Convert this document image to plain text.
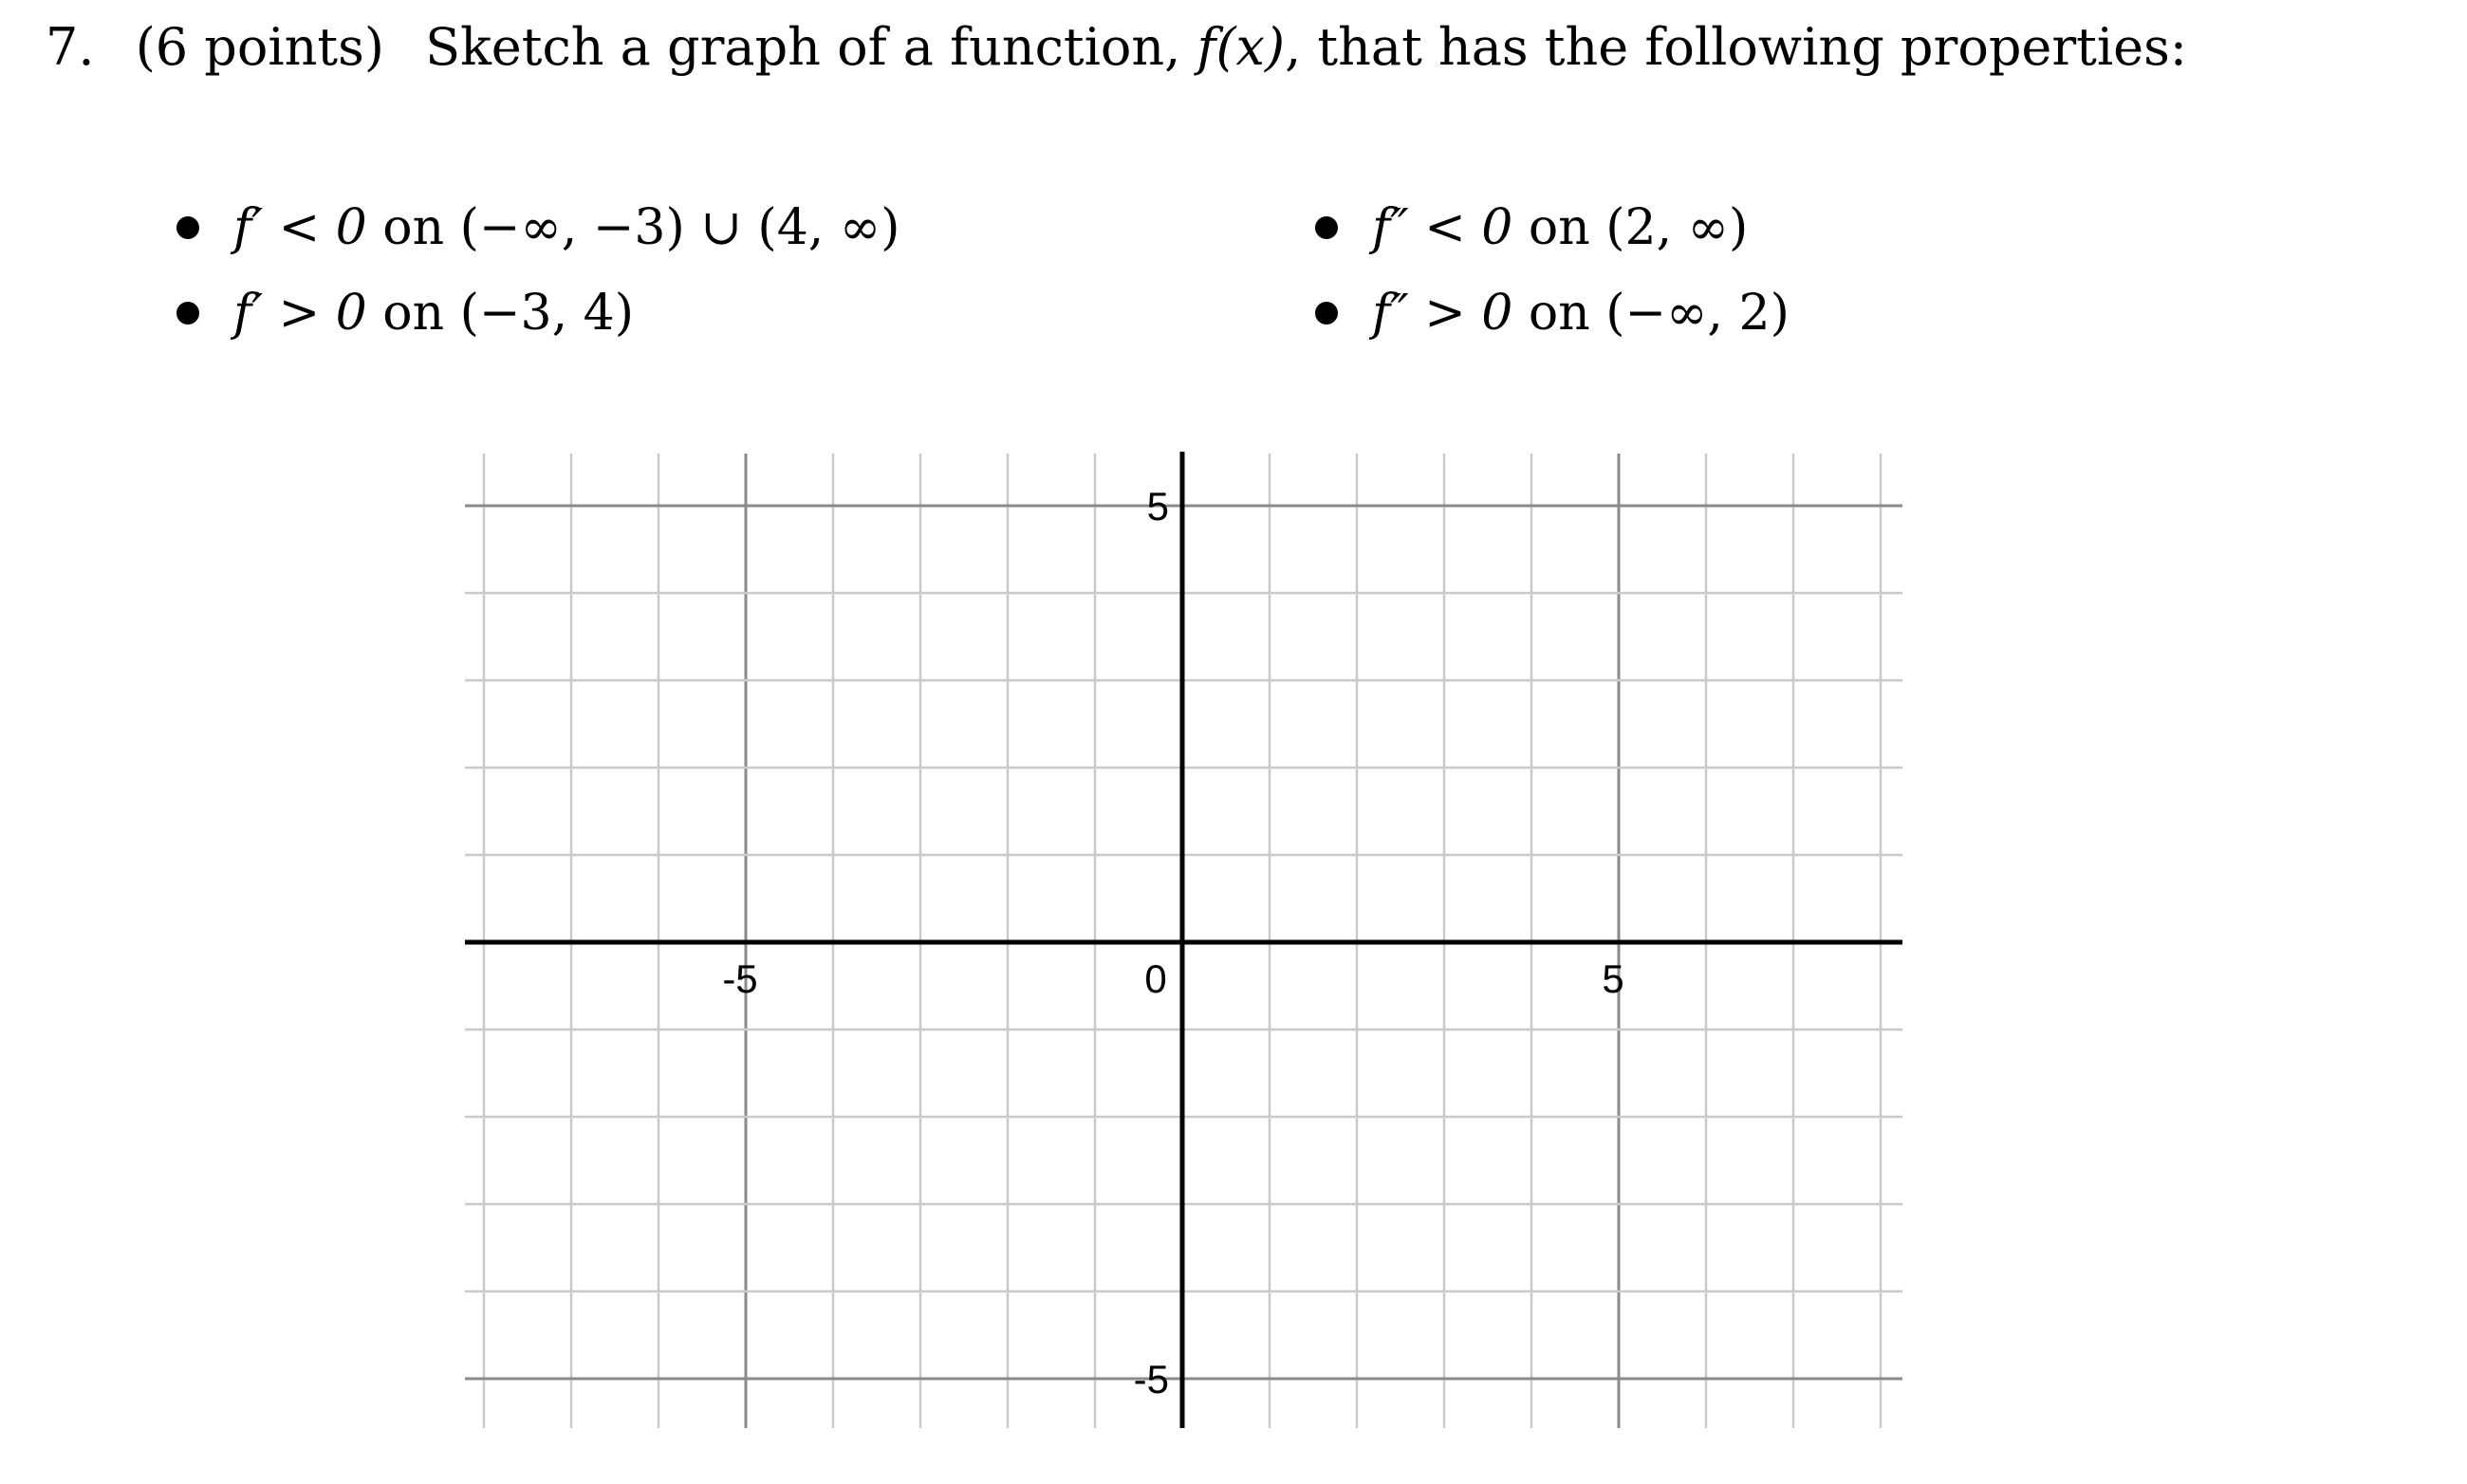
7. (6 points) Sketch a graph of a function, f(x), that has the following properties:
f′ < 0
on
(−∞, −3) ∪ (4, ∞)
f′ > 0
on
(−3, 4)
f″ < 0
on
(2, ∞)
f″ > 0
on
(−∞, 2)
-5	0	5
5
-5
